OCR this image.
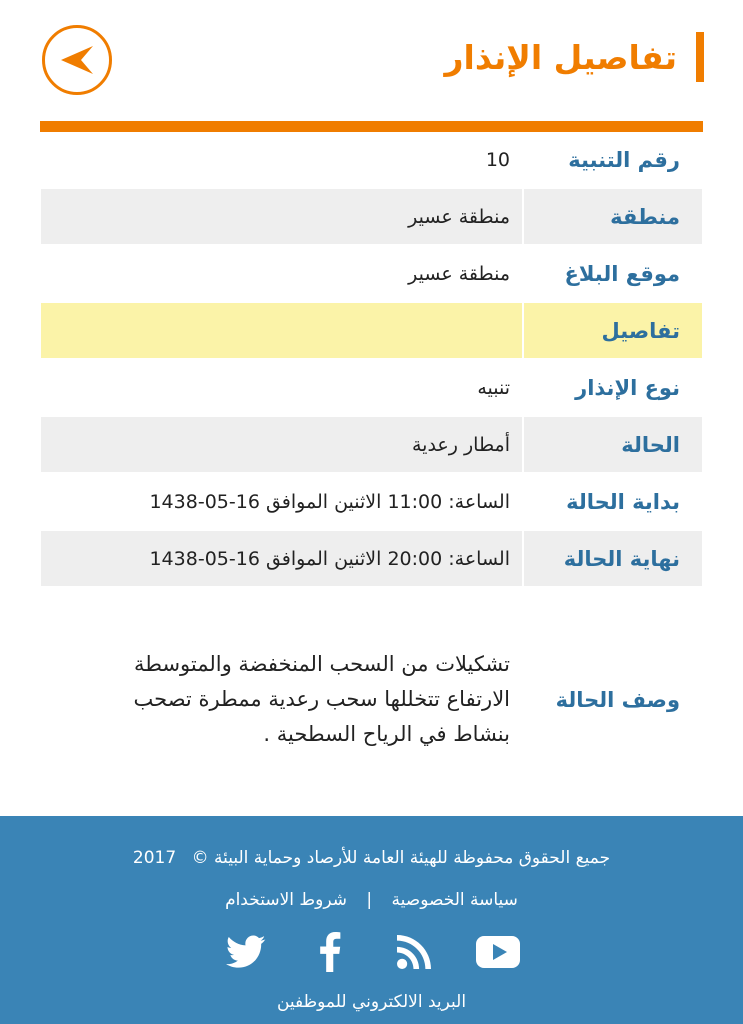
تفاصيل الإنذار
رقم التنبية
10
منطقة
منطقة عسير
موقع البلاغ
منطقة عسير
تفاصيل
نوع الإنذار
تنبيه
الحالة
أمطار رعدية
بداية الحالة
الساعة: 11:00 الاثنين الموافق 16-05-1438
نهاية الحالة
الساعة: 20:00 الاثنين الموافق 16-05-1438
وصف الحالة
تشكيلات من السحب المنخفضة والمتوسطة الارتفاع تتخللها سحب رعدية ممطرة تصحب بنشاط في الرياح السطحية .
جميع الحقوق محفوظة للهيئة العامة للأرصاد وحماية البيئة © 2017
سياسة الخصوصية | شروط الاستخدام
البريد الالكتروني للموظفين
